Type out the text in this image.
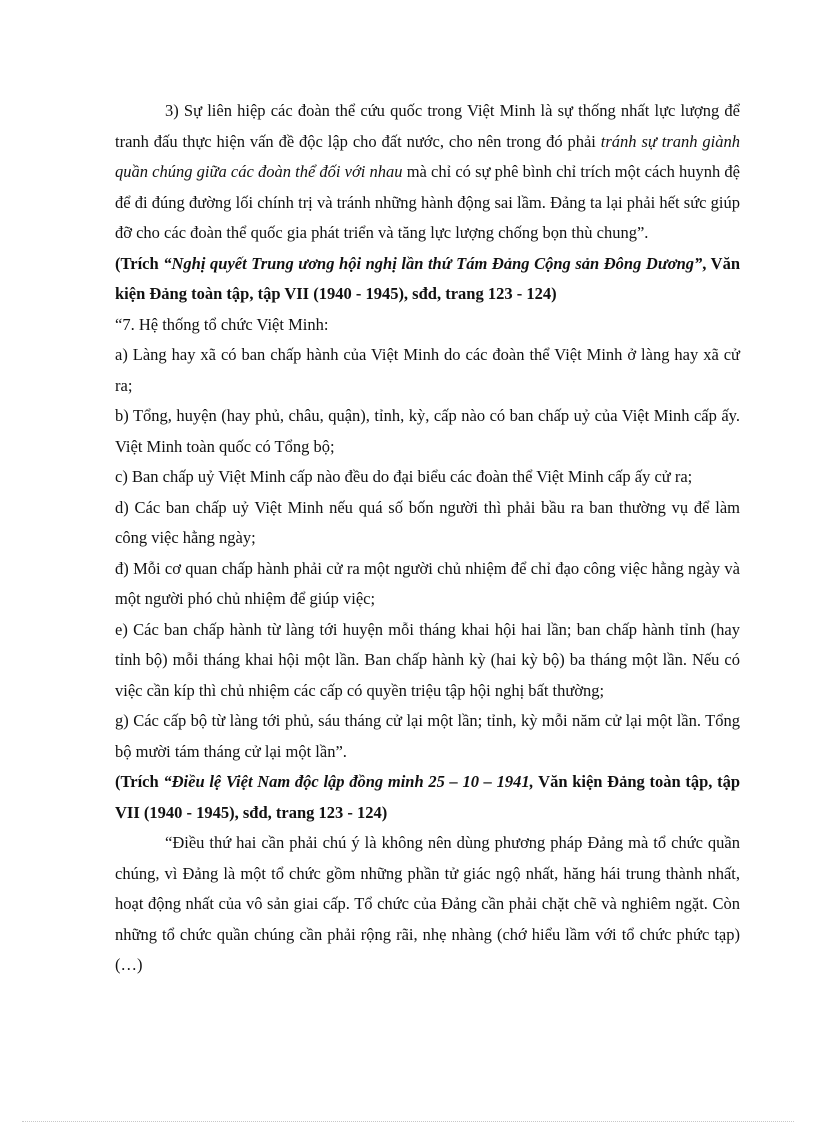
3) Sự liên hiệp các đoàn thể cứu quốc trong Việt Minh là sự thống nhất lực lượng để tranh đấu thực hiện vấn đề độc lập cho đất nước, cho nên trong đó phải tránh sự tranh giành quần chúng giữa các đoàn thể đối với nhau mà chỉ có sự phê bình chỉ trích một cách huynh đệ để đi đúng đường lối chính trị và tránh những hành động sai lầm. Đảng ta lại phải hết sức giúp đỡ cho các đoàn thể quốc gia phát triển và tăng lực lượng chống bọn thù chung”.

(Trích “Nghị quyết Trung ương hội nghị lần thứ Tám Đảng Cộng sản Đông Dương”, Văn kiện Đảng toàn tập, tập VII (1940 - 1945), sđd, trang 123 - 124)

“7. Hệ thống tổ chức Việt Minh:

a) Làng hay xã có ban chấp hành của Việt Minh do các đoàn thể Việt Minh ở làng hay xã cử ra;

b) Tổng, huyện (hay phủ, châu, quận), tỉnh, kỳ, cấp nào có ban chấp uỷ của Việt Minh cấp ấy. Việt Minh toàn quốc có Tổng bộ;

c) Ban chấp uỷ Việt Minh cấp nào đều do đại biểu các đoàn thể Việt Minh cấp ấy cử ra;

d) Các ban chấp uỷ Việt Minh nếu quá số bốn người thì phải bầu ra ban thường vụ để làm công việc hằng ngày;

đ) Mỗi cơ quan chấp hành phải cử ra một người chủ nhiệm để chỉ đạo công việc hằng ngày và một người phó chủ nhiệm để giúp việc;

e) Các ban chấp hành từ làng tới huyện mỗi tháng khai hội hai lần; ban chấp hành tỉnh (hay tỉnh bộ) mỗi tháng khai hội một lần. Ban chấp hành kỳ (hai kỳ bộ) ba tháng một lần. Nếu có việc cần kíp thì chủ nhiệm các cấp có quyền triệu tập hội nghị bất thường;

g) Các cấp bộ từ làng tới phủ, sáu tháng cử lại một lần; tỉnh, kỳ mỗi năm cử lại một lần. Tổng bộ mười tám tháng cử lại một lần”.

(Trích “Điều lệ Việt Nam độc lập đồng minh 25 – 10 – 1941, Văn kiện Đảng toàn tập, tập VII (1940 - 1945), sđd, trang 123 - 124)

“Điều thứ hai cần phải chú ý là không nên dùng phương pháp Đảng mà tổ chức quần chúng, vì Đảng là một tổ chức gồm những phần tử giác ngộ nhất, hăng hái trung thành nhất, hoạt động nhất của vô sản giai cấp. Tổ chức của Đảng cần phải chặt chẽ và nghiêm ngặt. Còn những tổ chức quần chúng cần phải rộng rãi, nhẹ nhàng (chớ hiểu lầm với tổ chức phức tạp) (…)
